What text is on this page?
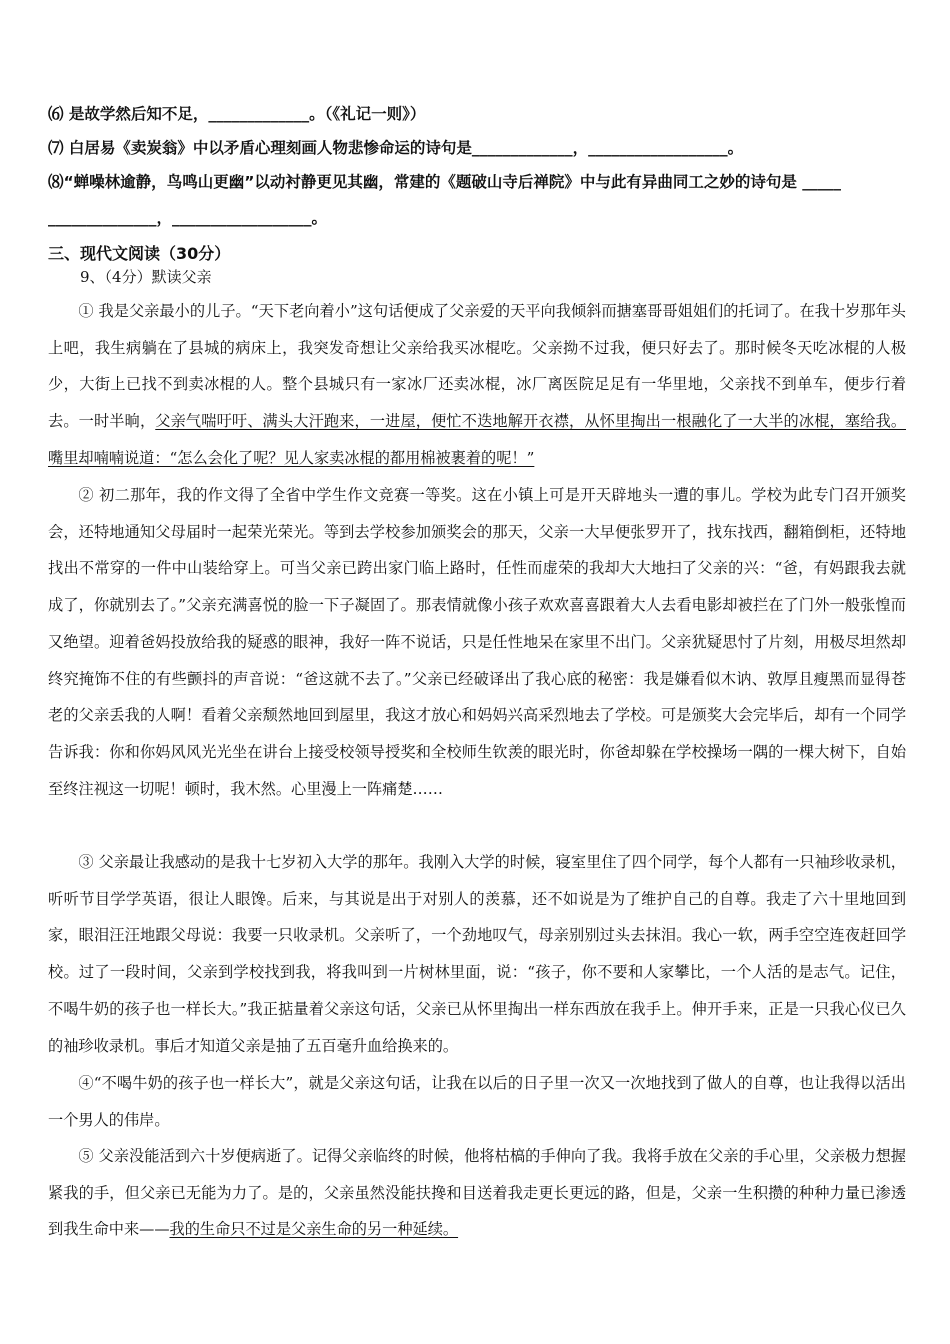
⑹ 是故学然后知不足，_____________。（《礼记一则》）
⑺ 白居易《卖炭翁》中以矛盾心理刻画人物悲惨命运的诗句是_____________，__________________。
⑻“蝉噪林逾静，鸟鸣山更幽”以动衬静更见其幽，常建的《题破山寺后禅院》中与此有异曲同工之妙的诗句是 _____
______________，__________________。
三、现代文阅读（30分）
9、（4分）默读父亲
① 我是父亲最小的儿子。“天下老向着小”这句话便成了父亲爱的天平向我倾斜而搪塞哥哥姐姐们的托词了。在我十岁那年头上吧，我生病躺在了县城的病床上，我突发奇想让父亲给我买冰棍吃。父亲拗不过我，便只好去了。那时候冬天吃冰棍的人极少，大街上已找不到卖冰棍的人。整个县城只有一家冰厂还卖冰棍，冰厂离医院足足有一华里地，父亲找不到单车，便步行着去。一时半晌，父亲气喘吁吁、满头大汗跑来，一进屋，便忙不迭地解开衣襟，从怀里掏出一根融化了一大半的冰棍，塞给我。嘴里却喃喃说道：“怎么会化了呢？见人家卖冰棍的都用棉被裹着的呢！”
② 初二那年，我的作文得了全省中学生作文竞赛一等奖。这在小镇上可是开天辟地头一遭的事儿。学校为此专门召开颁奖会，还特地通知父母届时一起荣光荣光。等到去学校参加颁奖会的那天，父亲一大早便张罗开了，找东找西，翻箱倒柜，还特地找出不常穿的一件中山装给穿上。可当父亲已跨出家门临上路时，任性而虚荣的我却大大地扫了父亲的兴：“爸，有妈跟我去就成了，你就别去了。”父亲充满喜悦的脸一下子凝固了。那表情就像小孩子欢欢喜喜跟着大人去看电影却被拦在了门外一般张惶而又绝望。迎着爸妈投放给我的疑惑的眼神，我好一阵不说话，只是任性地呆在家里不出门。父亲犹疑思忖了片刻，用极尽坦然却终究掩饰不住的有些颤抖的声音说：“爸这就不去了。”父亲已经破译出了我心底的秘密：我是嫌看似木讷、敦厚且瘦黑而显得苍老的父亲丢我的人啊！看着父亲颓然地回到屋里，我这才放心和妈妈兴高采烈地去了学校。可是颁奖大会完毕后，却有一个同学告诉我：你和你妈风风光光坐在讲台上接受校领导授奖和全校师生钦羡的眼光时，你爸却躲在学校操场一隅的一棵大树下，自始至终注视这一切呢！顿时，我木然。心里漫上一阵痛楚……
③ 父亲最让我感动的是我十七岁初入大学的那年。我刚入大学的时候，寝室里住了四个同学，每个人都有一只袖珍收录机，听听节目学学英语，很让人眼馋。后来，与其说是出于对别人的羡慕，还不如说是为了维护自己的自尊。我走了六十里地回到家，眼泪汪汪地跟父母说：我要一只收录机。父亲听了，一个劲地叹气，母亲别别过头去抹泪。我心一软，两手空空连夜赶回学校。过了一段时间，父亲到学校找到我，将我叫到一片树林里面，说：“孩子，你不要和人家攀比，一个人活的是志气。记住，不喝牛奶的孩子也一样长大。”我正掂量着父亲这句话，父亲已从怀里掏出一样东西放在我手上。伸开手来，正是一只我心仪已久的袖珍收录机。事后才知道父亲是抽了五百毫升血给换来的。
④“不喝牛奶的孩子也一样长大”，就是父亲这句话，让我在以后的日子里一次又一次地找到了做人的自尊，也让我得以活出一个男人的伟岸。
⑤ 父亲没能活到六十岁便病逝了。记得父亲临终的时候，他将枯槁的手伸向了我。我将手放在父亲的手心里，父亲极力想握紧我的手，但父亲已无能为力了。是的，父亲虽然没能扶搀和目送着我走更长更远的路，但是，父亲一生积攒的种种力量已渗透到我生命中来——我的生命只不过是父亲生命的另一种延续。
